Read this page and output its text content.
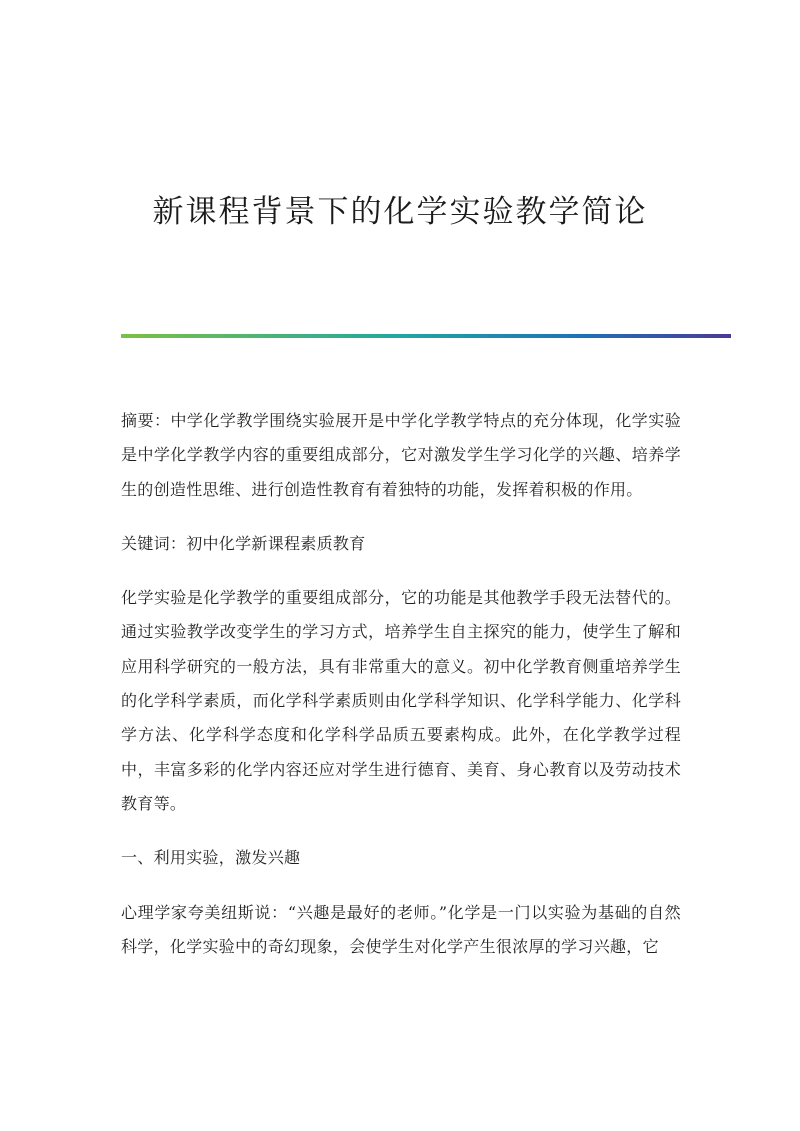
新课程背景下的化学实验教学简论

摘要：中学化学教学围绕实验展开是中学化学教学特点的充分体现，化学实验是中学化学教学内容的重要组成部分，它对激发学生学习化学的兴趣、培养学生的创造性思维、进行创造性教育有着独特的功能，发挥着积极的作用。

关键词：初中化学新课程素质教育

化学实验是化学教学的重要组成部分，它的功能是其他教学手段无法替代的。通过实验教学改变学生的学习方式，培养学生自主探究的能力，使学生了解和应用科学研究的一般方法，具有非常重大的意义。初中化学教育侧重培养学生的化学科学素质，而化学科学素质则由化学科学知识、化学科学能力、化学科学方法、化学科学态度和化学科学品质五要素构成。此外，在化学教学过程中，丰富多彩的化学内容还应对学生进行德育、美育、身心教育以及劳动技术教育等。

一、利用实验，激发兴趣

心理学家夸美纽斯说：“兴趣是最好的老师。”化学是一门以实验为基础的自然科学，化学实验中的奇幻现象，会使学生对化学产生很浓厚的学习兴趣，它
